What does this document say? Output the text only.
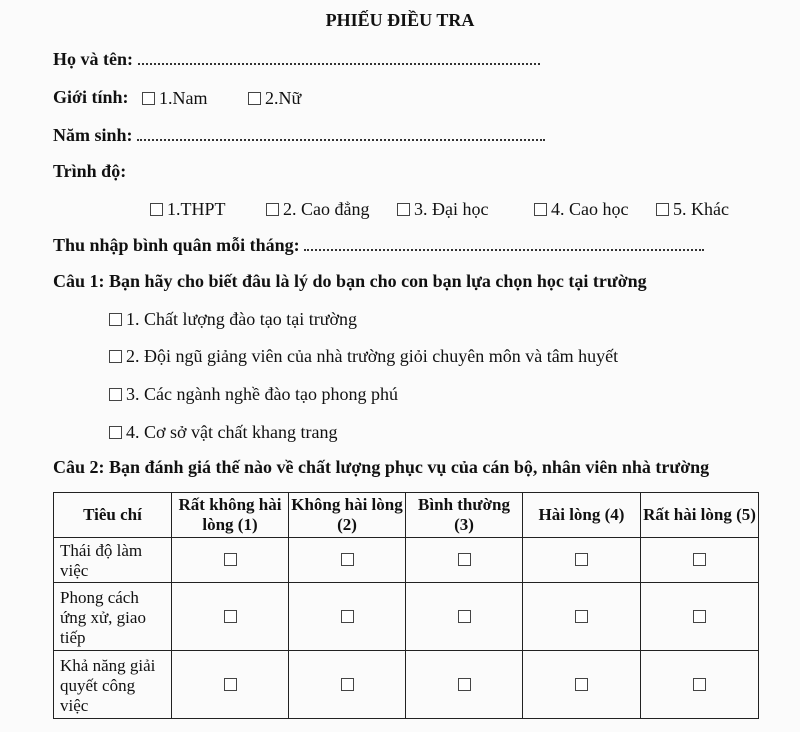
PHIẾU ĐIỀU TRA
Họ và tên:
Giới tính:	1.Nam	2.Nữ
Năm sinh:
Trình độ:
1.THPT	2. Cao đẳng	3. Đại học	4. Cao học	5. Khác
Thu nhập bình quân mỗi tháng:
Câu 1: Bạn hãy cho biết đâu là lý do bạn cho con bạn lựa chọn học tại trường
1. Chất lượng đào tạo tại trường
2. Đội ngũ giảng viên của nhà trường giỏi chuyên môn và tâm huyết
3. Các ngành nghề đào tạo phong phú
4. Cơ sở vật chất khang trang
Câu 2: Bạn đánh giá thế nào về chất lượng phục vụ của cán bộ, nhân viên nhà trường
Tiêu chí	Rất không hài lòng (1)	Không hài lòng (2)	Bình thường (3)	Hài lòng (4)	Rất hài lòng (5)
Thái độ làm việc					
Phong cách ứng xử, giao tiếp					
Khả năng giải quyết công việc					
